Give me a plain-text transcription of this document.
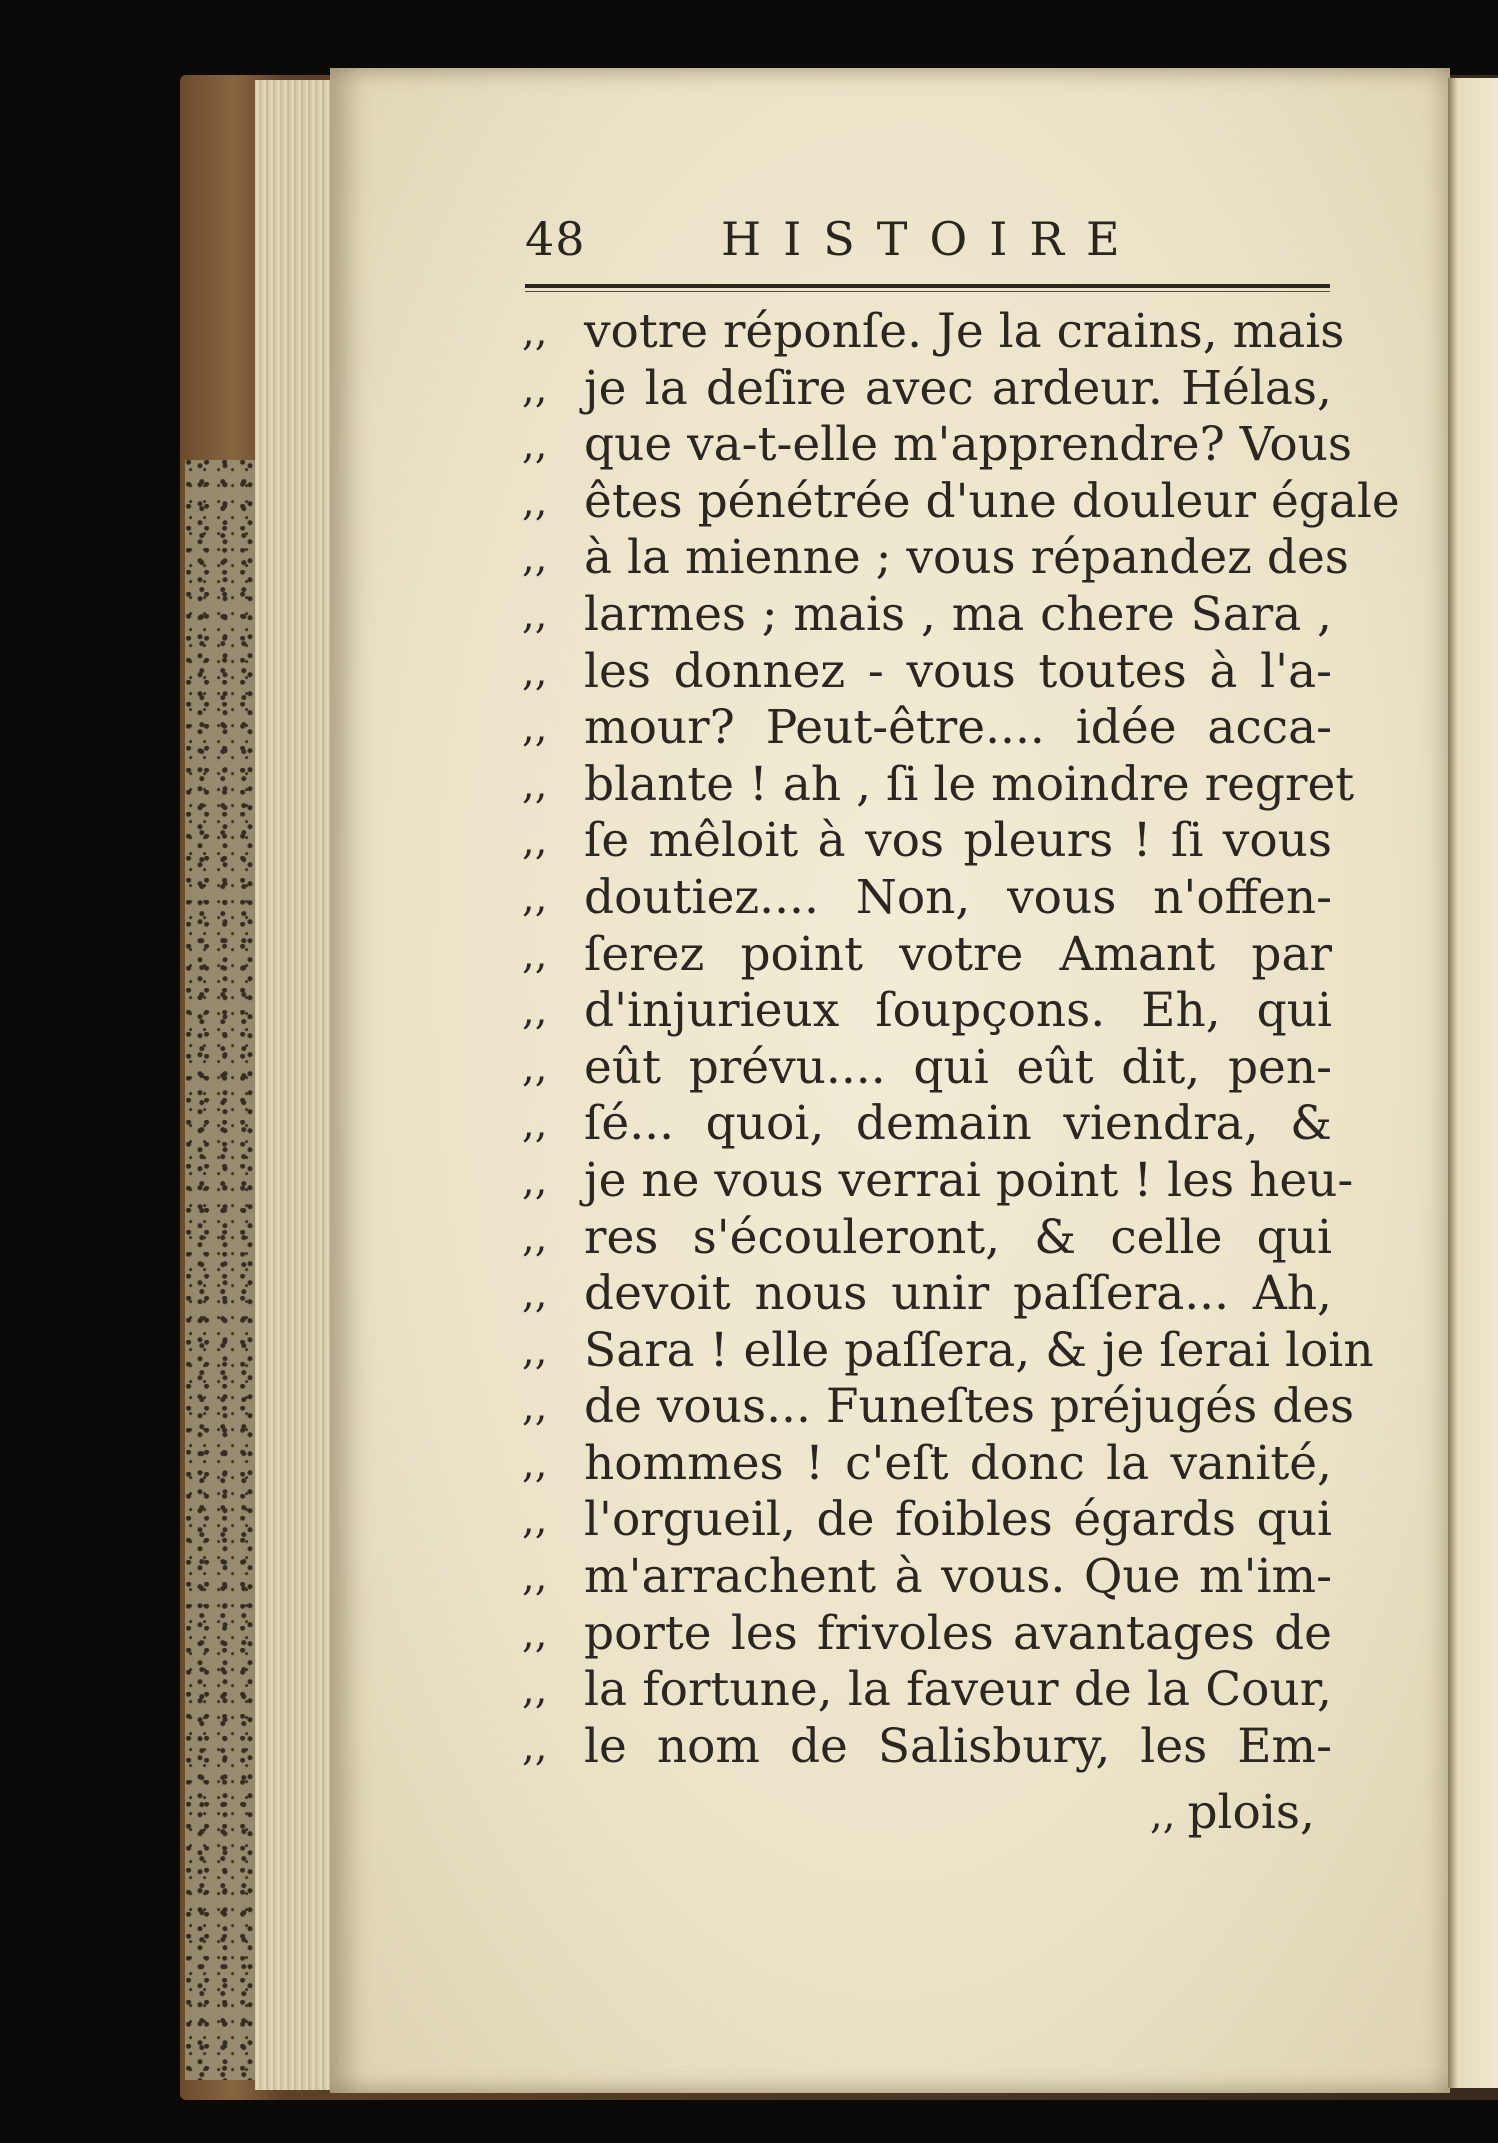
48	HISTOIRE
,, votre réponſe. Je la crains, mais
,, je la deſire avec ardeur. Hélas,
,, que va-t-elle m'apprendre? Vous
,, êtes pénétrée d'une douleur égale
,, à la mienne ; vous répandez des
,, larmes ; mais , ma chere Sara ,
,, les donnez - vous toutes à l'a-
,, mour? Peut-être.... idée acca-
,, blante ! ah , ſi le moindre regret
,, ſe mêloit à vos pleurs ! ſi vous
,, doutiez.... Non, vous n'offen-
,, ſerez point votre Amant par
,, d'injurieux ſoupçons. Eh, qui
,, eût prévu.... qui eût dit, pen-
,, ſé... quoi, demain viendra, &
,, je ne vous verrai point ! les heu-
,, res s'écouleront, & celle qui
,, devoit nous unir paſſera... Ah,
,, Sara ! elle paſſera, & je ſerai loin
,, de vous... Funeſtes préjugés des
,, hommes ! c'eſt donc la vanité,
,, l'orgueil, de foibles égards qui
,, m'arrachent à vous. Que m'im-
,, porte les frivoles avantages de
,, la fortune, la faveur de la Cour,
,, le nom de Salisbury, les Em-
,, plois,
